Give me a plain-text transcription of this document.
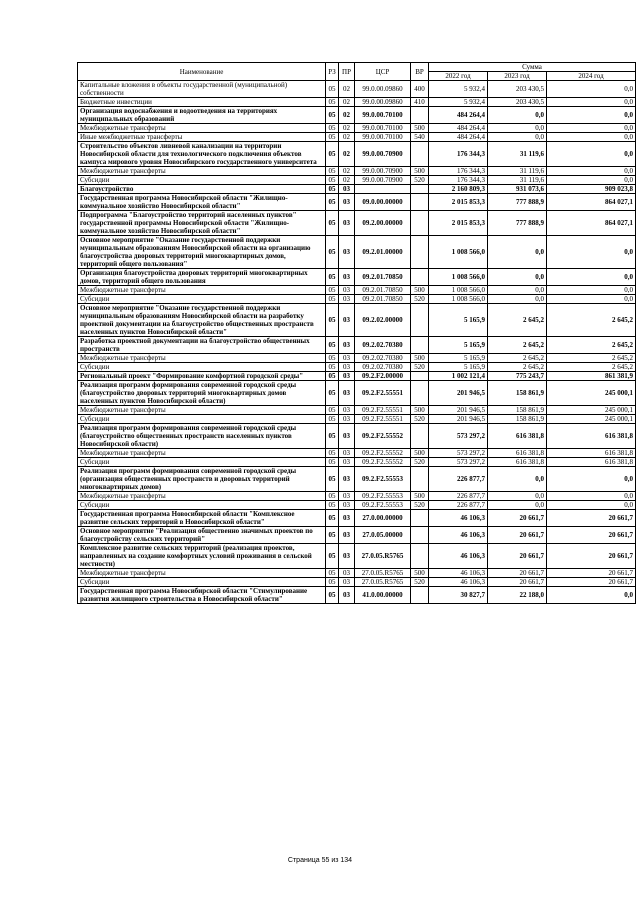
Наименование	РЗ	ПР	ЦСР	ВР	Сумма		
					2022 год	2023 год	2024 год
Капитальные вложения в объекты государственной (муниципальной) собственности	05	02	99.0.00.09860	400	5 932,4	203 430,5	0,0
Бюджетные инвестиции	05	02	99.0.00.09860	410	5 932,4	203 430,5	0,0
Организация водоснабжения и водоотведения на территориях муниципальных образований	05	02	99.0.00.70100		484 264,4	0,0	0,0
Межбюджетные трансферты	05	02	99.0.00.70100	500	484 264,4	0,0	0,0
Иные межбюджетные трансферты	05	02	99.0.00.70100	540	484 264,4	0,0	0,0
Строительство объектов ливневой канализации на территории Новосибирской области для технологического подключения объектов кампуса мирового уровня Новосибирского государственного университета	05	02	99.0.00.70900		176 344,3	31 119,6	0,0
Межбюджетные трансферты	05	02	99.0.00.70900	500	176 344,3	31 119,6	0,0
Субсидии	05	02	99.0.00.70900	520	176 344,3	31 119,6	0,0
Благоустройство	05	03			2 160 809,3	931 073,6	909 023,8
Государственная программа Новосибирской области "Жилищно-коммунальное хозяйство Новосибирской области"	05	03	09.0.00.00000		2 015 853,3	777 888,9	864 027,1
Подпрограмма "Благоустройство территорий населенных пунктов" государственной программы Новосибирской области "Жилищно-коммунальное хозяйство Новосибирской области"	05	03	09.2.00.00000		2 015 853,3	777 888,9	864 027,1
Основное мероприятие "Оказание государственной поддержки муниципальным образованиям Новосибирской области на организацию благоустройства дворовых территорий многоквартирных домов, территорий общего пользования"	05	03	09.2.01.00000		1 008 566,0	0,0	0,0
Организация благоустройства дворовых территорий многоквартирных домов, территорий общего пользования	05	03	09.2.01.70850		1 008 566,0	0,0	0,0
Межбюджетные трансферты	05	03	09.2.01.70850	500	1 008 566,0	0,0	0,0
Субсидии	05	03	09.2.01.70850	520	1 008 566,0	0,0	0,0
Основное мероприятие "Оказание государственной поддержки муниципальным образованиям Новосибирской области на разработку проектной документации на благоустройство общественных пространств населенных пунктов Новосибирской области"	05	03	09.2.02.00000		5 165,9	2 645,2	2 645,2
Разработка проектной документации на благоустройство общественных пространств	05	03	09.2.02.70380		5 165,9	2 645,2	2 645,2
Межбюджетные трансферты	05	03	09.2.02.70380	500	5 165,9	2 645,2	2 645,2
Субсидии	05	03	09.2.02.70380	520	5 165,9	2 645,2	2 645,2
Региональный проект "Формирование комфортной городской среды"	05	03	09.2.F2.00000		1 002 121,4	775 243,7	861 381,9
Реализация программ формирования современной городской среды (благоустройство дворовых территорий многоквартирных домов населенных пунктов Новосибирской области)	05	03	09.2.F2.55551		201 946,5	158 861,9	245 000,1
Межбюджетные трансферты	05	03	09.2.F2.55551	500	201 946,5	158 861,9	245 000,1
Субсидии	05	03	09.2.F2.55551	520	201 946,5	158 861,9	245 000,1
Реализация программ формирования современной городской среды (благоустройство общественных пространств населенных пунктов Новосибирской области)	05	03	09.2.F2.55552		573 297,2	616 381,8	616 381,8
Межбюджетные трансферты	05	03	09.2.F2.55552	500	573 297,2	616 381,8	616 381,8
Субсидии	05	03	09.2.F2.55552	520	573 297,2	616 381,8	616 381,8
Реализация программ формирования современной городской среды (организация общественных пространств и дворовых территорий многоквартирных домов)	05	03	09.2.F2.55553		226 877,7	0,0	0,0
Межбюджетные трансферты	05	03	09.2.F2.55553	500	226 877,7	0,0	0,0
Субсидии	05	03	09.2.F2.55553	520	226 877,7	0,0	0,0
Государственная программа Новосибирской области "Комплексное развитие сельских территорий в Новосибирской области"	05	03	27.0.00.00000		46 106,3	20 661,7	20 661,7
Основное мероприятие "Реализация общественно значимых проектов по благоустройству сельских территорий"	05	03	27.0.05.00000		46 106,3	20 661,7	20 661,7
Комплексное развитие сельских территорий (реализация проектов, направленных на создание комфортных условий проживания в сельской местности)	05	03	27.0.05.R5765		46 106,3	20 661,7	20 661,7
Межбюджетные трансферты	05	03	27.0.05.R5765	500	46 106,3	20 661,7	20 661,7
Субсидии	05	03	27.0.05.R5765	520	46 106,3	20 661,7	20 661,7
Государственная программа Новосибирской области "Стимулирование развития жилищного строительства в Новосибирской области"	05	03	41.0.00.00000		30 827,7	22 188,0	0,0
Страница 55 из 134
